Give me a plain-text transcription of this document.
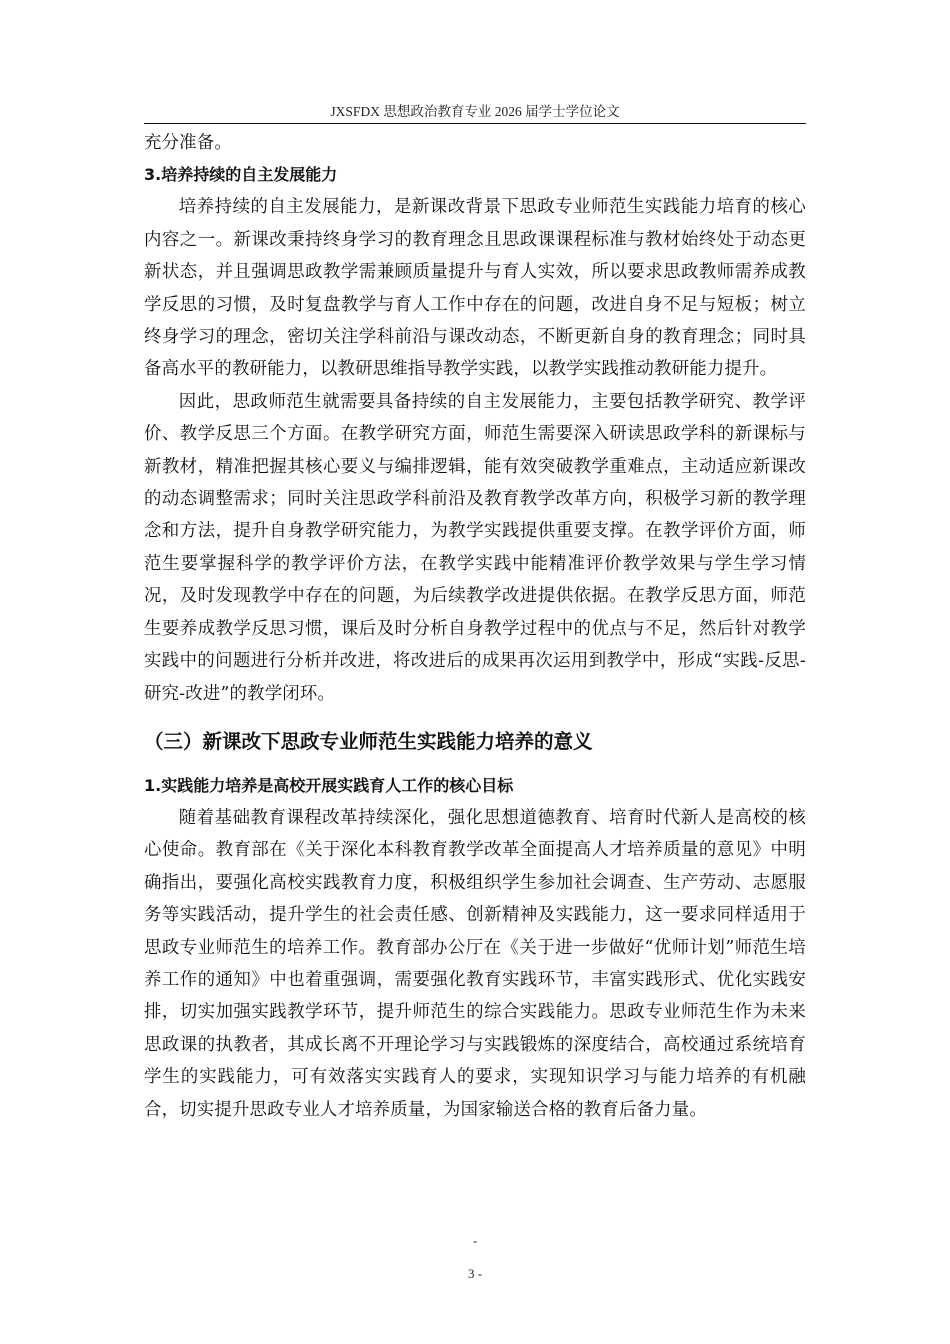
JXSFDX 思想政治教育专业 2026 届学士学位论文

充分准备。

3.培养持续的自主发展能力

培养持续的自主发展能力，是新课改背景下思政专业师范生实践能力培育的核心内容之一。新课改秉持终身学习的教育理念且思政课课程标准与教材始终处于动态更新状态，并且强调思政教学需兼顾质量提升与育人实效，所以要求思政教师需养成教学反思的习惯，及时复盘教学与育人工作中存在的问题，改进自身不足与短板；树立终身学习的理念，密切关注学科前沿与课改动态，不断更新自身的教育理念；同时具备高水平的教研能力，以教研思维指导教学实践，以教学实践推动教研能力提升。

因此，思政师范生就需要具备持续的自主发展能力，主要包括教学研究、教学评价、教学反思三个方面。在教学研究方面，师范生需要深入研读思政学科的新课标与新教材，精准把握其核心要义与编排逻辑，能有效突破教学重难点，主动适应新课改的动态调整需求；同时关注思政学科前沿及教育教学改革方向，积极学习新的教学理念和方法，提升自身教学研究能力，为教学实践提供重要支撑。在教学评价方面，师范生要掌握科学的教学评价方法，在教学实践中能精准评价教学效果与学生学习情况，及时发现教学中存在的问题，为后续教学改进提供依据。在教学反思方面，师范生要养成教学反思习惯，课后及时分析自身教学过程中的优点与不足，然后针对教学实践中的问题进行分析并改进，将改进后的成果再次运用到教学中，形成“实践-反思-研究-改进”的教学闭环。

（三）新课改下思政专业师范生实践能力培养的意义
1.实践能力培养是高校开展实践育人工作的核心目标

随着基础教育课程改革持续深化，强化思想道德教育、培育时代新人是高校的核心使命。教育部在《关于深化本科教育教学改革全面提高人才培养质量的意见》中明确指出，要强化高校实践教育力度，积极组织学生参加社会调查、生产劳动、志愿服务等实践活动，提升学生的社会责任感、创新精神及实践能力，这一要求同样适用于思政专业师范生的培养工作。教育部办公厅在《关于进一步做好“优师计划”师范生培养工作的通知》中也着重强调，需要强化教育实践环节，丰富实践形式、优化实践安排，切实加强实践教学环节，提升师范生的综合实践能力。思政专业师范生作为未来思政课的执教者，其成长离不开理论学习与实践锻炼的深度结合，高校通过系统培育学生的实践能力，可有效落实实践育人的要求，实现知识学习与能力培养的有机融合，切实提升思政专业人才培养质量，为国家输送合格的教育后备力量。

-
3 -
